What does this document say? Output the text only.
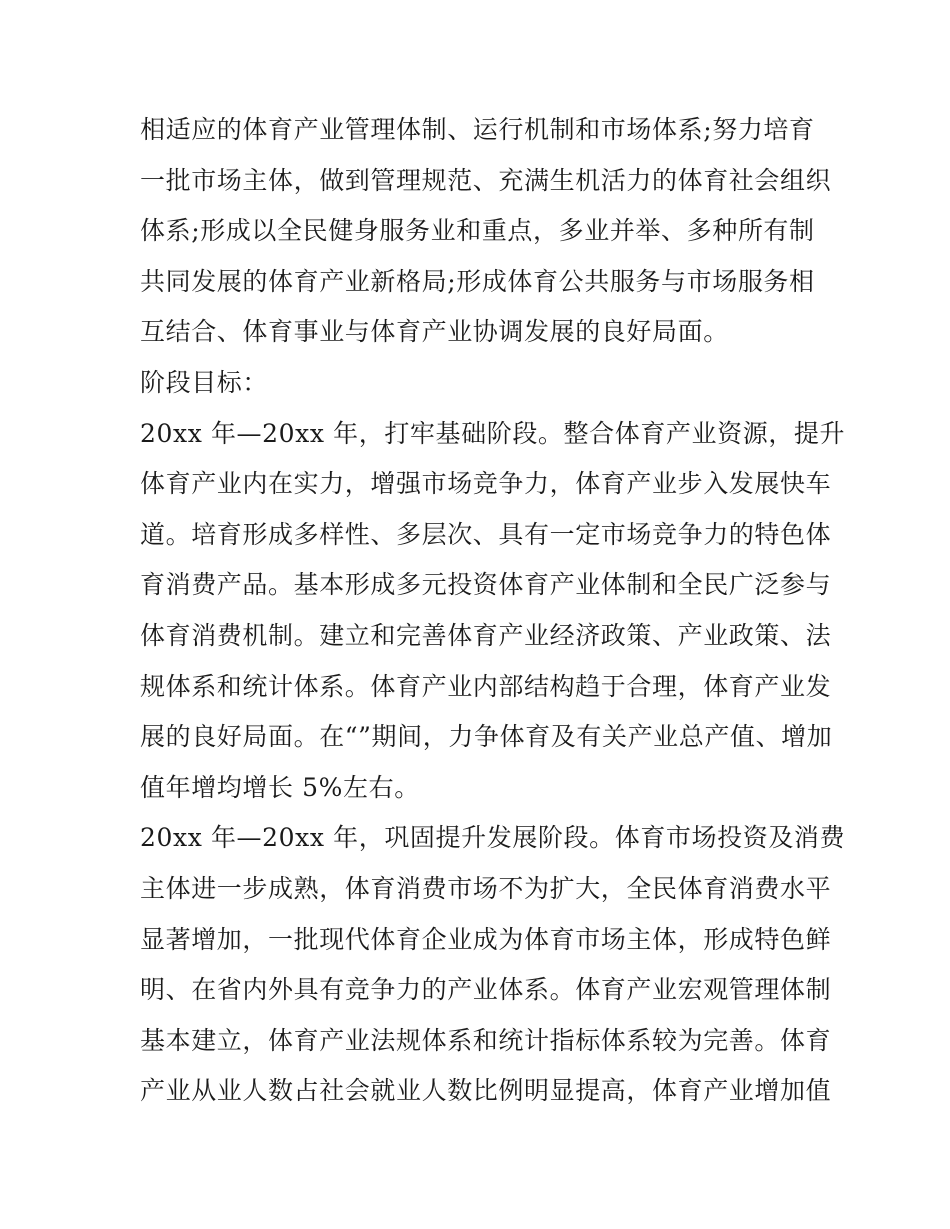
相适应的体育产业管理体制、运行机制和市场体系;努力培育
一批市场主体，做到管理规范、充满生机活力的体育社会组织
体系;形成以全民健身服务业和重点，多业并举、多种所有制
共同发展的体育产业新格局;形成体育公共服务与市场服务相
互结合、体育事业与体育产业协调发展的良好局面。
阶段目标：
20xx 年—20xx 年，打牢基础阶段。整合体育产业资源，提升
体育产业内在实力，增强市场竞争力，体育产业步入发展快车
道。培育形成多样性、多层次、具有一定市场竞争力的特色体
育消费产品。基本形成多元投资体育产业体制和全民广泛参与
体育消费机制。建立和完善体育产业经济政策、产业政策、法
规体系和统计体系。体育产业内部结构趋于合理，体育产业发
展的良好局面。在“”期间，力争体育及有关产业总产值、增加
值年增均增长 5%左右。
20xx 年—20xx 年，巩固提升发展阶段。体育市场投资及消费
主体进一步成熟，体育消费市场不为扩大，全民体育消费水平
显著增加，一批现代体育企业成为体育市场主体，形成特色鲜
明、在省内外具有竞争力的产业体系。体育产业宏观管理体制
基本建立，体育产业法规体系和统计指标体系较为完善。体育
产业从业人数占社会就业人数比例明显提高，体育产业增加值
